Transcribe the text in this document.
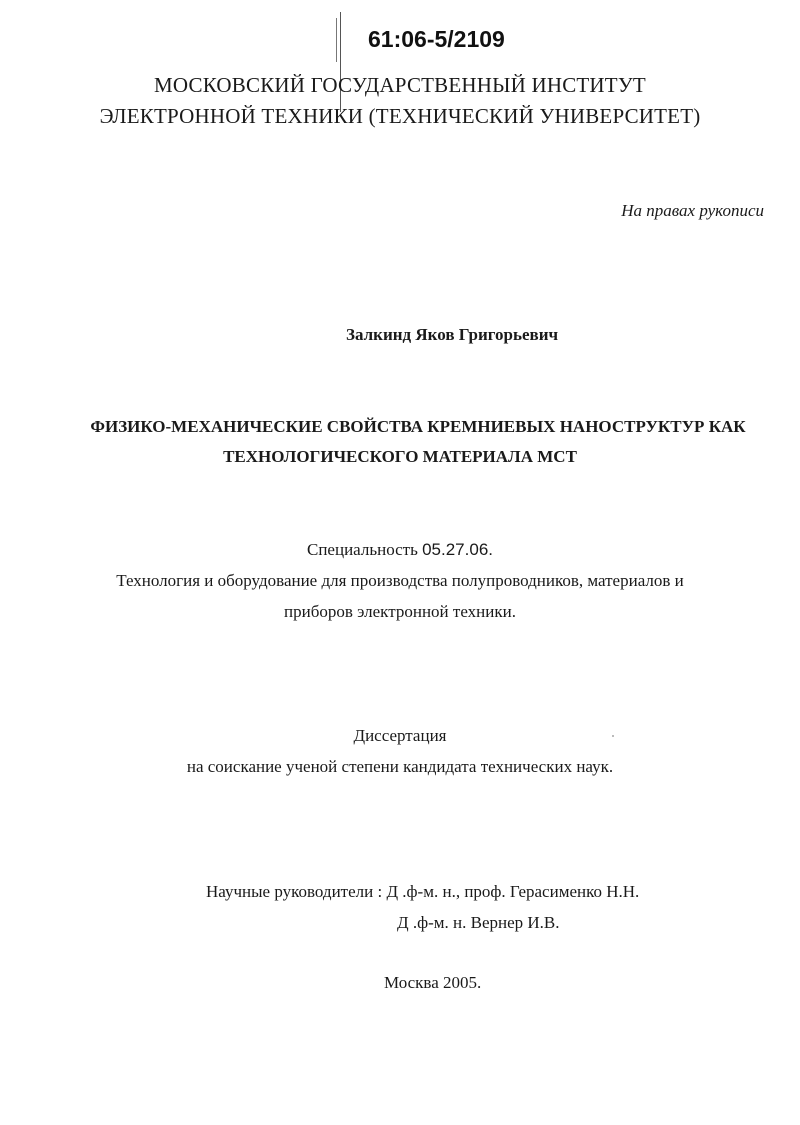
61:06-5/2109
МОСКОВСКИЙ ГОСУДАРСТВЕННЫЙ ИНСТИТУТ
ЭЛЕКТРОННОЙ ТЕХНИКИ (ТЕХНИЧЕСКИЙ УНИВЕРСИТЕТ)
На правах рукописи
Залкинд Яков Григорьевич
ФИЗИКО-МЕХАНИЧЕСКИЕ СВОЙСТВА КРЕМНИЕВЫХ НАНОСТРУКТУР КАК
ТЕХНОЛОГИЧЕСКОГО МАТЕРИАЛА МСТ
Специальность 05.27.06.
Технология и оборудование для производства полупроводников, материалов и
приборов электронной техники.
Диссертация
на соискание ученой степени кандидата технических наук.
Научные руководители : Д .ф-м. н., проф. Герасименко Н.Н.
Д .ф-м. н. Вернер И.В.
Москва 2005.
